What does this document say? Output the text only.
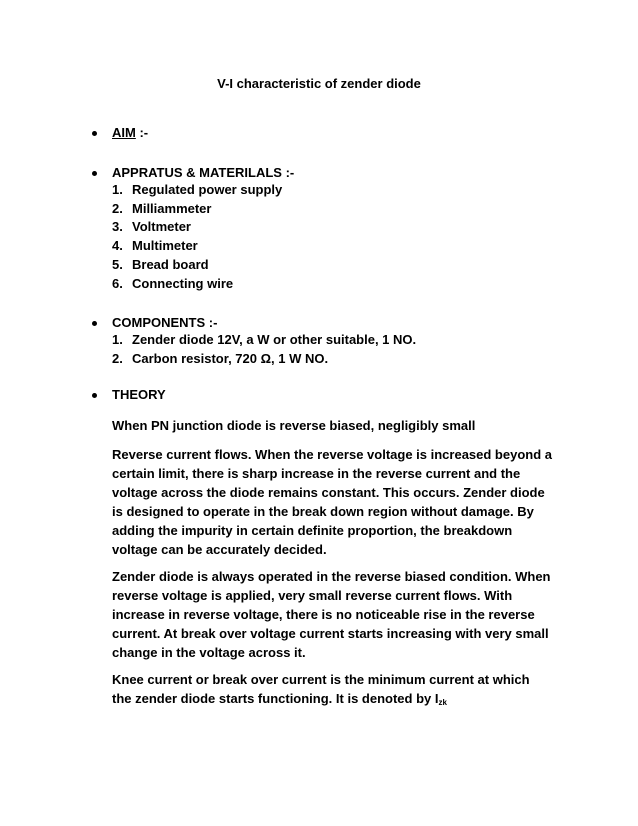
V-I characteristic of zender diode
AIM :-
APPRATUS & MATERILALS :-
1. Regulated power supply
2. Milliammeter
3. Voltmeter
4. Multimeter
5. Bread board
6. Connecting wire
COMPONENTS :-
1. Zender diode 12V, a W or other suitable, 1 NO.
2. Carbon resistor, 720 Ω, 1 W NO.
THEORY

When PN junction diode is reverse biased, negligibly small

Reverse current flows. When the reverse voltage is increased beyond a
certain limit, there is sharp increase in the reverse current and the
voltage across the diode remains constant. This occurs. Zender diode
is designed to operate in the break down region without damage. By
adding the impurity in certain definite proportion, the breakdown
voltage can be accurately decided.

Zender diode is always operated in the reverse biased condition. When
reverse voltage is applied, very small reverse current flows. With
increase in reverse voltage, there is no noticeable rise in the reverse
current. At break over voltage current starts increasing with very small
change in the voltage across it.

Knee current or break over current is the minimum current at which
the zender diode starts functioning. It is denoted by $I_{zk}$
